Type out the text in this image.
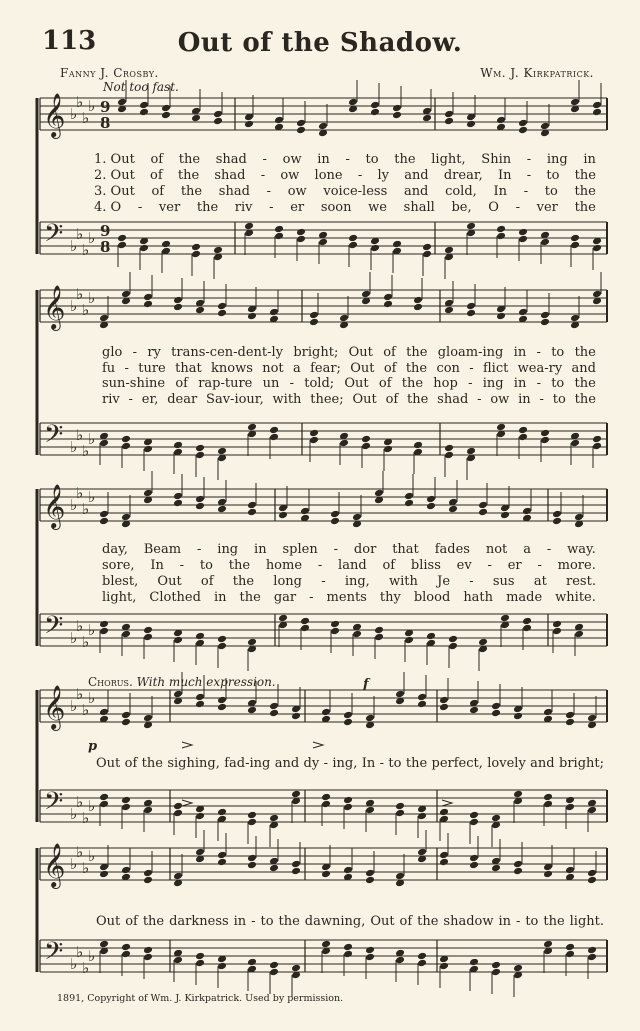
𝄞 ♭
♭
♭
♭ 9
8
𝄢 ♭
♭
♭
♭ 9
8
𝄞 ♭
♭
♭
♭
𝄢 ♭
♭
♭
♭
𝄞 ♭
♭
♭
♭
𝄢 ♭
♭
♭
♭
𝄞 ♭
♭
♭
♭
𝄢 ♭
♭
♭
♭
𝄞 ♭
♭
♭
♭
𝄢 ♭
♭
♭
♭
p
f
113	Out of the Shadow.
Fanny J. Crosby.	Wm. J. Kirkpatrick.
Not too fast.
1. Out of the shad - ow in - to the light, Shin - ing in
2. Out of the shad - ow lone - ly and drear, In - to the
3. Out of the shad - ow voice-less and cold, In - to the
4. O - ver the riv - er soon we shall be, O - ver the
glo - ry trans-cen-dent-ly bright; Out of the gloam-ing in - to the
fu - ture that knows not a fear; Out of the con - flict wea-ry and
sun-shine of rap-ture un - told; Out of the hop - ing in - to the
riv - er, dear Sav-iour, with thee; Out of the shad - ow in - to the
day, Beam - ing in splen - dor that fades not a - way.
sore, In - to the home - land of bliss ev - er - more.
blest, Out of the long - ing, with Je - sus at rest.
light, Clothed in the gar - ments thy blood hath made white.
Chorus. With much expression.
Out of the sighing, fad-ing and dy - ing, In - to the perfect, lovely and bright;
Out of the darkness in - to the dawning, Out of the shadow in - to the light.
1891, Copyright of Wm. J. Kirkpatrick. Used by permission.
